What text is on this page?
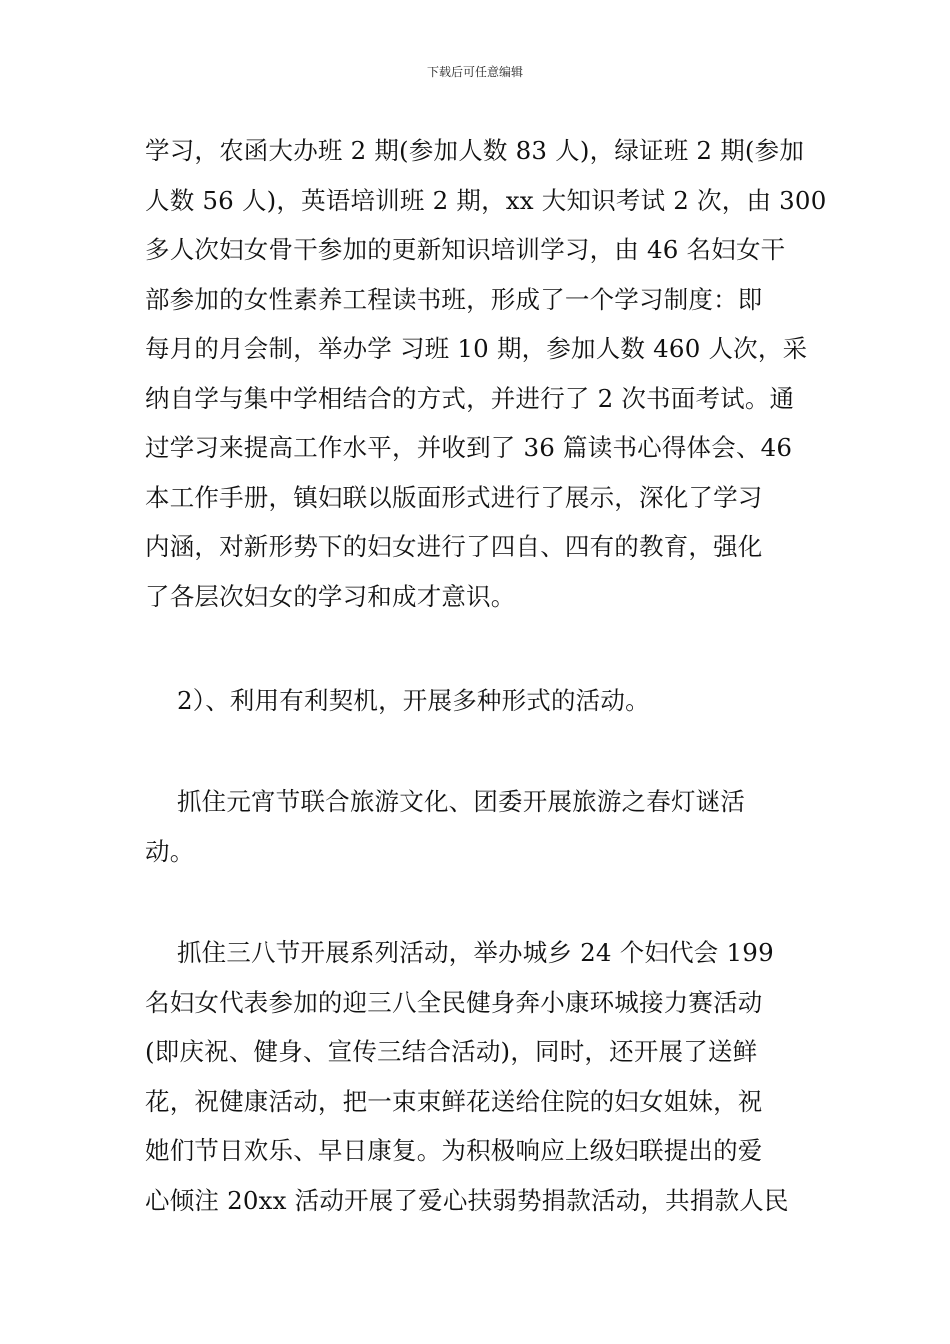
下载后可任意编辑
学习，农函大办班 2 期(参加人数 83 人)，绿证班 2 期(参加
人数 56 人)，英语培训班 2 期，xx 大知识考试 2 次，由 300
多人次妇女骨干参加的更新知识培训学习，由 46 名妇女干
部参加的女性素养工程读书班，形成了一个学习制度：即
每月的月会制，举办学 习班 10 期，参加人数 460 人次，采
纳自学与集中学相结合的方式，并进行了 2 次书面考试。通
过学习来提高工作水平，并收到了 36 篇读书心得体会、46
本工作手册，镇妇联以版面形式进行了展示，深化了学习
内涵，对新形势下的妇女进行了四自、四有的教育，强化
了各层次妇女的学习和成才意识。
2）、利用有利契机，开展多种形式的活动。
抓住元宵节联合旅游文化、团委开展旅游之春灯谜活
动。
抓住三八节开展系列活动，举办城乡 24 个妇代会 199
名妇女代表参加的迎三八全民健身奔小康环城接力赛活动
(即庆祝、健身、宣传三结合活动)，同时，还开展了送鲜
花，祝健康活动，把一束束鲜花送给住院的妇女姐妹，祝
她们节日欢乐、早日康复。为积极响应上级妇联提出的爱
心倾注 20xx 活动开展了爱心扶弱势捐款活动，共捐款人民
